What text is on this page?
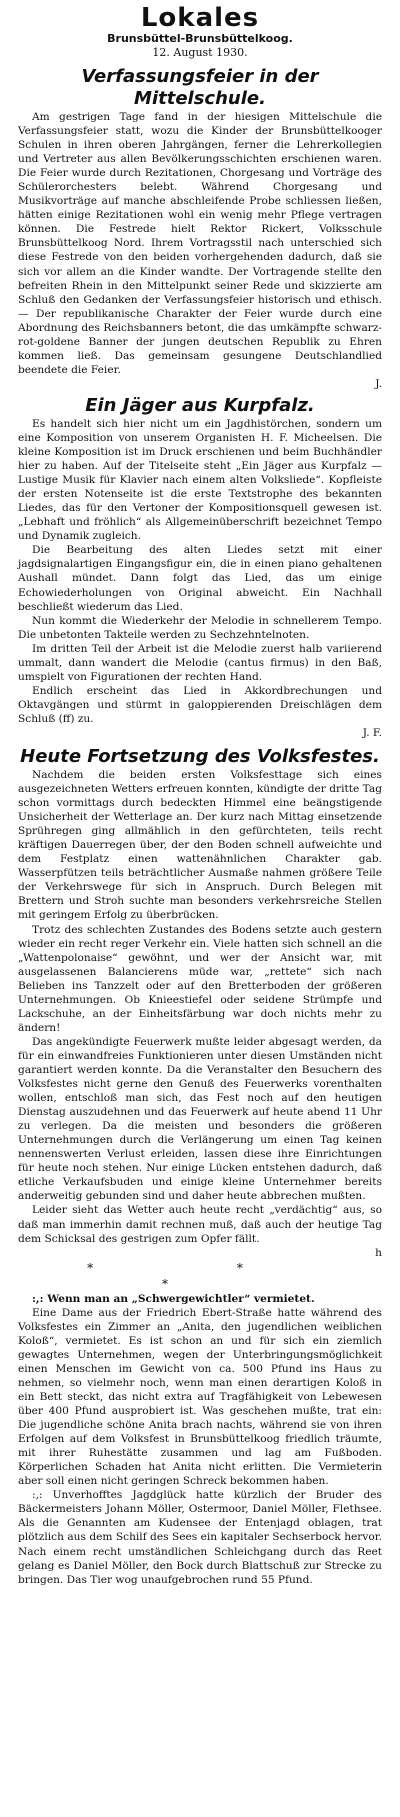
Lokales
Brunsbüttel-Brunsbüttelkoog.
12. August 1930.
Verfassungsfeier in der Mittelschule.

Am gestrigen Tage fand in der hiesigen Mittelschule die Verfassungsfeier statt, wozu die Kinder der Brunsbüttelkooger Schulen in ihren oberen Jahrgängen, ferner die Lehrerkollegien und Vertreter aus allen Bevölkerungsschichten erschienen waren. Die Feier wurde durch Rezitationen, Chorgesang und Vorträge des Schülerorchesters belebt. Während Chorgesang und Musikvorträge auf manche abschleifende Probe schliessen ließen, hätten einige Rezitationen wohl ein wenig mehr Pflege vertragen können. Die Festrede hielt Rektor Rickert, Volksschule Brunsbüttelkoog Nord. Ihrem Vortragsstil nach unterschied sich diese Festrede von den beiden vorhergehenden dadurch, daß sie sich vor allem an die Kinder wandte. Der Vortragende stellte den befreiten Rhein in den Mittelpunkt seiner Rede und skizzierte am Schluß den Gedanken der Verfassungsfeier historisch und ethisch. — Der republikanische Charakter der Feier wurde durch eine Abordnung des Reichsbanners betont, die das umkämpfte schwarz-rot-goldene Banner der jungen deutschen Republik zu Ehren kommen ließ. Das gemeinsam gesungene Deutschlandlied beendete die Feier.

J.

Ein Jäger aus Kurpfalz.

Es handelt sich hier nicht um ein Jagdhistörchen, sondern um eine Komposition von unserem Organisten H. F. Micheelsen. Die kleine Komposition ist im Druck erschienen und beim Buchhändler hier zu haben. Auf der Titelseite steht „Ein Jäger aus Kurpfalz — Lustige Musik für Klavier nach einem alten Volksliede“. Kopfleiste der ersten Notenseite ist die erste Textstrophe des bekannten Liedes, das für den Vertoner der Kompositionsquell gewesen ist. „Lebhaft und fröhlich“ als Allgemeinüberschrift bezeichnet Tempo und Dynamik zugleich.

Die Bearbeitung des alten Liedes setzt mit einer jagdsignalartigen Eingangsfigur ein, die in einen piano gehaltenen Aushall mündet. Dann folgt das Lied, das um einige Echowiederholungen von Original abweicht. Ein Nachhall beschließt wiederum das Lied.

Nun kommt die Wiederkehr der Melodie in schnellerem Tempo. Die unbetonten Takteile werden zu Sechzehntelnoten.

Im dritten Teil der Arbeit ist die Melodie zuerst halb variierend ummalt, dann wandert die Melodie (cantus firmus) in den Baß, umspielt von Figurationen der rechten Hand.

Endlich erscheint das Lied in Akkordbrechungen und Oktavgängen und stürmt in galoppierenden Dreischlägen dem Schluß (ff) zu.

J. F.

Heute Fortsetzung des Volksfestes.

Nachdem die beiden ersten Volksfesttage sich eines ausgezeichneten Wetters erfreuen konnten, kündigte der dritte Tag schon vormittags durch bedeckten Himmel eine beängstigende Unsicherheit der Wetterlage an. Der kurz nach Mittag einsetzende Sprühregen ging allmählich in den gefürchteten, teils recht kräftigen Dauerregen über, der den Boden schnell aufweichte und dem Festplatz einen wattenähnlichen Charakter gab. Wasserpfützen teils beträchtlicher Ausmaße nahmen größere Teile der Verkehrswege für sich in Anspruch. Durch Belegen mit Brettern und Stroh suchte man besonders verkehrsreiche Stellen mit geringem Erfolg zu überbrücken.

Trotz des schlechten Zustandes des Bodens setzte auch gestern wieder ein recht reger Verkehr ein. Viele hatten sich schnell an die „Wattenpolonaise“ gewöhnt, und wer der Ansicht war, mit ausgelassenen Balancierens müde war, „rettete“ sich nach Belieben ins Tanzzelt oder auf den Bretterboden der größeren Unternehmungen. Ob Knieestiefel oder seidene Strümpfe und Lackschuhe, an der Einheitsfärbung war doch nichts mehr zu ändern!

Das angekündigte Feuerwerk mußte leider abgesagt werden, da für ein einwandfreies Funktionieren unter diesen Umständen nicht garantiert werden konnte. Da die Veranstalter den Besuchern des Volksfestes nicht gerne den Genuß des Feuerwerks vorenthalten wollen, entschloß man sich, das Fest noch auf den heutigen Dienstag auszudehnen und das Feuerwerk auf heute abend 11 Uhr zu verlegen. Da die meisten und besonders die größeren Unternehmungen durch die Verlängerung um einen Tag keinen nennenswerten Verlust erleiden, lassen diese ihre Einrichtungen für heute noch stehen. Nur einige Lücken entstehen dadurch, daß etliche Verkaufsbuden und einige kleine Unternehmer bereits anderweitig gebunden sind und daher heute abbrechen mußten.

Leider sieht das Wetter auch heute recht „verdächtig“ aus, so daß man immerhin damit rechnen muß, daß auch der heutige Tag dem Schicksal des gestrigen zum Opfer fällt.

h

* * *

:,: Wenn man an „Schwergewichtler“ vermietet.

Eine Dame aus der Friedrich Ebert-Straße hatte während des Volksfestes ein Zimmer an „Anita, den jugendlichen weiblichen Koloß“, vermietet. Es ist schon an und für sich ein ziemlich gewagtes Unternehmen, wegen der Unterbringungsmöglichkeit einen Menschen im Gewicht von ca. 500 Pfund ins Haus zu nehmen, so vielmehr noch, wenn man einen derartigen Koloß in ein Bett steckt, das nicht extra auf Tragfähigkeit von Lebewesen über 400 Pfund ausprobiert ist. Was geschehen mußte, trat ein: Die jugendliche schöne Anita brach nachts, während sie von ihren Erfolgen auf dem Volksfest in Brunsbüttelkoog friedlich träumte, mit ihrer Ruhestätte zusammen und lag am Fußboden. Körperlichen Schaden hat Anita nicht erlitten. Die Vermieterin aber soll einen nicht geringen Schreck bekommen haben.

:,: Unverhofftes Jagdglück hatte kürzlich der Bruder des Bäckermeisters Johann Möller, Ostermoor, Daniel Möller, Flethsee. Als die Genannten am Kudensee der Entenjagd oblagen, trat plötzlich aus dem Schilf des Sees ein kapitaler Sechserbock hervor. Nach einem recht umständlichen Schleichgang durch das Reet gelang es Daniel Möller, den Bock durch Blattschuß zur Strecke zu bringen. Das Tier wog unaufgebrochen rund 55 Pfund.
